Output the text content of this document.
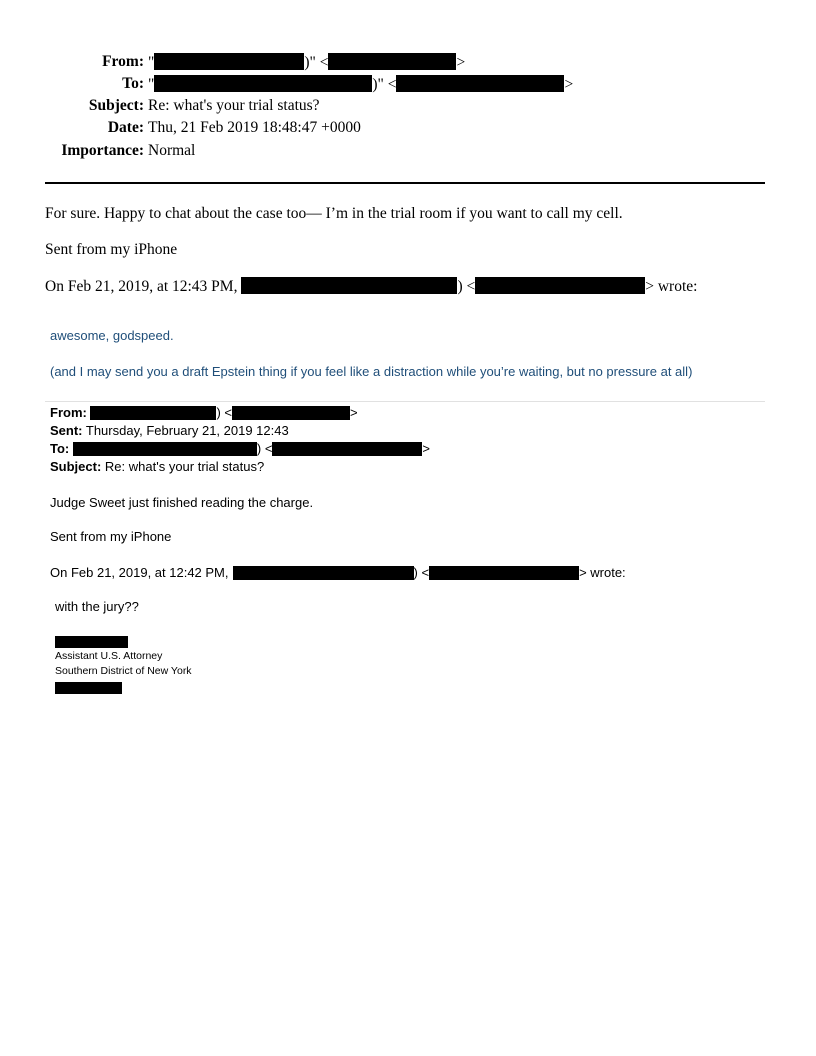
From: "	)" <	>
To: "	)" <	>
Subject: Re: what's your trial status?
Date: Thu, 21 Feb 2019 18:48:47 +0000
Importance: Normal
For sure. Happy to chat about the case too— I’m in the trial room if you want to call my cell.
Sent from my iPhone
On Feb 21, 2019, at 12:43 PM,	) <	> wrote:
awesome, godspeed.
(and I may send you a draft Epstein thing if you feel like a distraction while you’re waiting, but no pressure at all)
From:	) <	>
Sent: Thursday, February 21, 2019 12:43
To:	) <	>
Subject: Re: what's your trial status?
Judge Sweet just finished reading the charge.
Sent from my iPhone
On Feb 21, 2019, at 12:42 PM,	) <	> wrote:
with the jury??
Assistant U.S. Attorney
Southern District of New York
